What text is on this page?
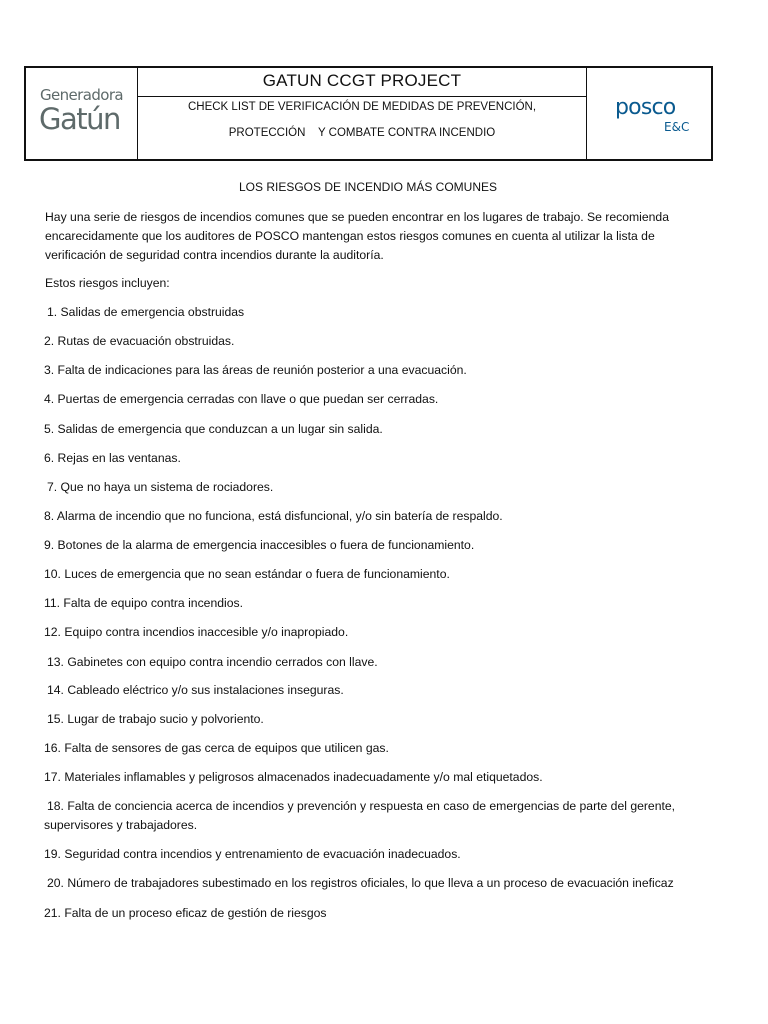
Generadora
Gatún
GATUN CCGT PROJECT
CHECK LIST DE VERIFICACIÓN DE MEDIDAS DE PREVENCIÓN,
PROTECCIÓN    Y COMBATE CONTRA INCENDIO
posco
E&C
LOS RIESGOS DE INCENDIO MÁS COMUNES

Hay una serie de riesgos de incendios comunes que se pueden encontrar en los lugares de trabajo. Se recomienda
encarecidamente que los auditores de POSCO mantengan estos riesgos comunes en cuenta al utilizar la lista de
verificación de seguridad contra incendios durante la auditoría.

Estos riesgos incluyen:

1. Salidas de emergencia obstruidas

2. Rutas de evacuación obstruidas.

3. Falta de indicaciones para las áreas de reunión posterior a una evacuación.

4. Puertas de emergencia cerradas con llave o que puedan ser cerradas.

5. Salidas de emergencia que conduzcan a un lugar sin salida.

6. Rejas en las ventanas.

7. Que no haya un sistema de rociadores.

8. Alarma de incendio que no funciona, está disfuncional, y/o sin batería de respaldo.

9. Botones de la alarma de emergencia inaccesibles o fuera de funcionamiento.

10. Luces de emergencia que no sean estándar o fuera de funcionamiento.

11. Falta de equipo contra incendios.

12. Equipo contra incendios inaccesible y/o inapropiado.

13. Gabinetes con equipo contra incendio cerrados con llave.

14. Cableado eléctrico y/o sus instalaciones inseguras.

15. Lugar de trabajo sucio y polvoriento.

16. Falta de sensores de gas cerca de equipos que utilicen gas.

17. Materiales inflamables y peligrosos almacenados inadecuadamente y/o mal etiquetados.

18. Falta de conciencia acerca de incendios y prevención y respuesta en caso de emergencias de parte del gerente,
supervisores y trabajadores.

19. Seguridad contra incendios y entrenamiento de evacuación inadecuados.

20. Número de trabajadores subestimado en los registros oficiales, lo que lleva a un proceso de evacuación ineficaz

21. Falta de un proceso eficaz de gestión de riesgos
